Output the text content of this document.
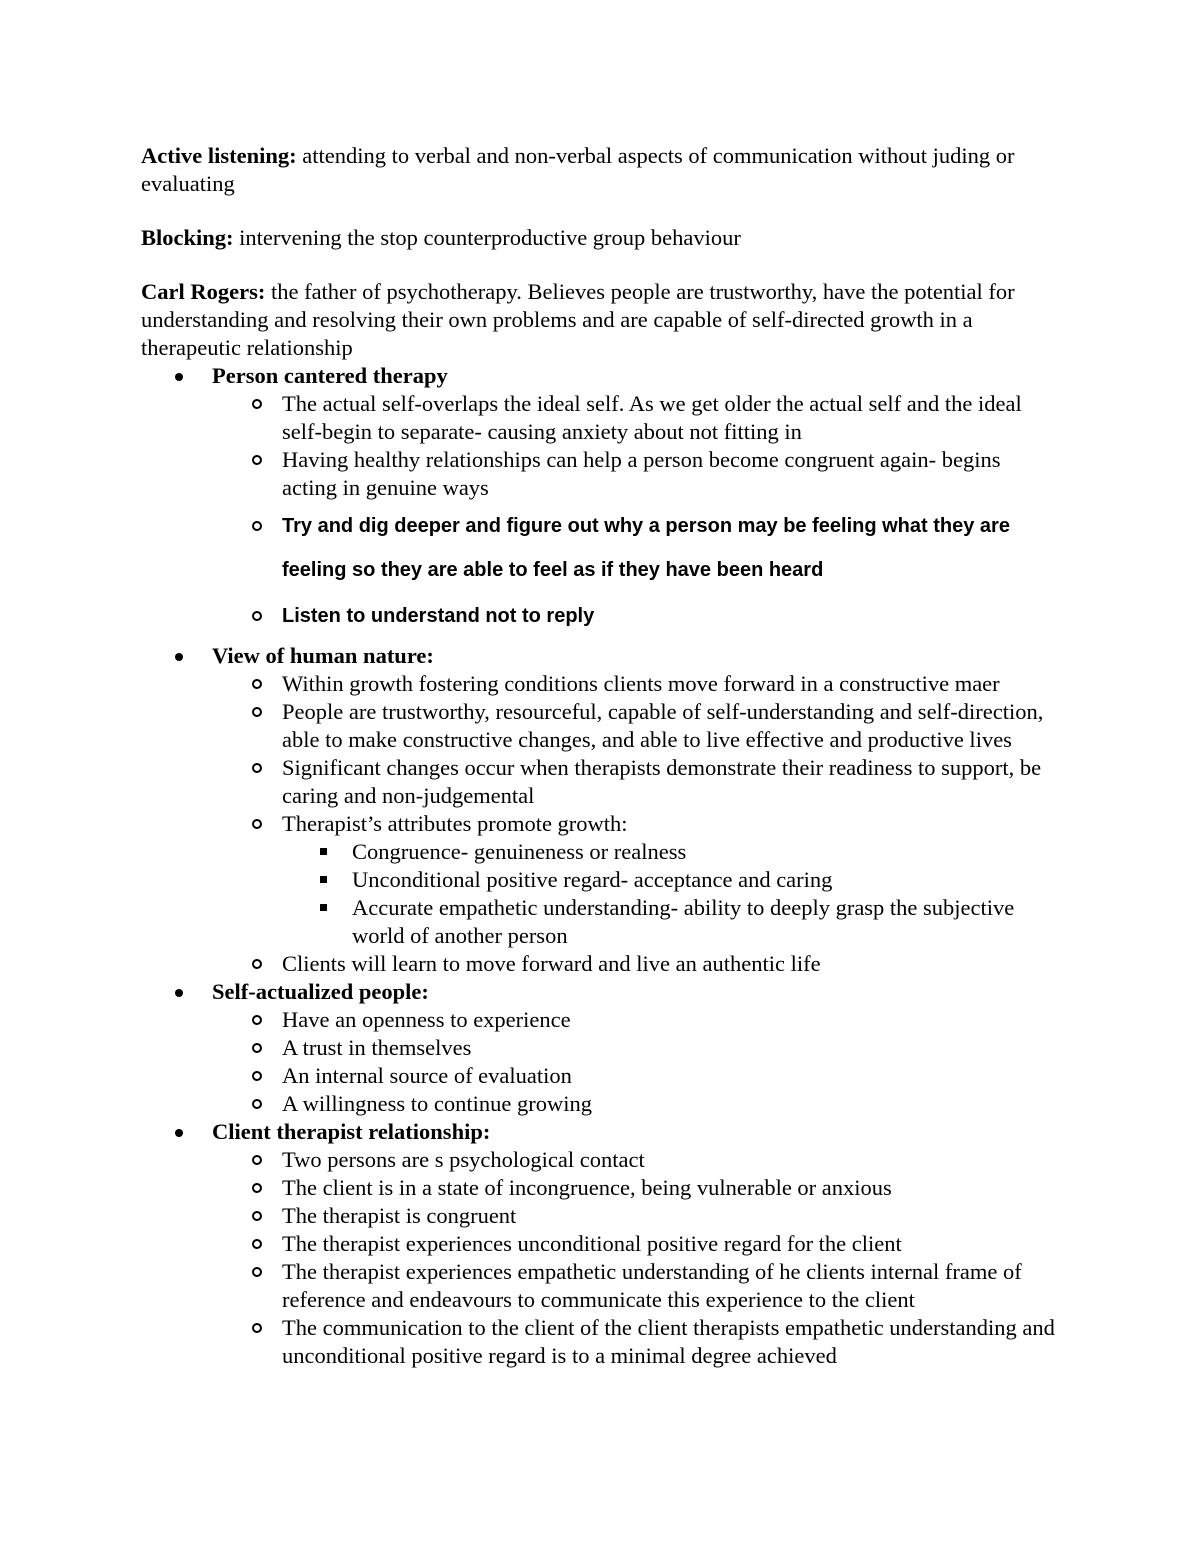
Active listening: attending to verbal and non-verbal aspects of communication without juding or evaluating

Blocking: intervening the stop counterproductive group behaviour

Carl Rogers: the father of psychotherapy. Believes people are trustworthy, have the potential for understanding and resolving their own problems and are capable of self-directed growth in a therapeutic relationship

Person cantered therapy
The actual self-overlaps the ideal self. As we get older the actual self and the ideal self-begin to separate- causing anxiety about not fitting in
Having healthy relationships can help a person become congruent again- begins acting in genuine ways
Try and dig deeper and figure out why a person may be feeling what they are feeling so they are able to feel as if they have been heard
Listen to understand not to reply
View of human nature:
Within growth fostering conditions clients move forward in a constructive maer
People are trustworthy, resourceful, capable of self-understanding and self-direction, able to make constructive changes, and able to live effective and productive lives
Significant changes occur when therapists demonstrate their readiness to support, be caring and non-judgemental
Therapist’s attributes promote growth:
Congruence- genuineness or realness
Unconditional positive regard- acceptance and caring
Accurate empathetic understanding- ability to deeply grasp the subjective world of another person
Clients will learn to move forward and live an authentic life
Self-actualized people:
Have an openness to experience
A trust in themselves
An internal source of evaluation
A willingness to continue growing
Client therapist relationship:
Two persons are s psychological contact
The client is in a state of incongruence, being vulnerable or anxious
The therapist is congruent
The therapist experiences unconditional positive regard for the client
The therapist experiences empathetic understanding of he clients internal frame of reference and endeavours to communicate this experience to the client
The communication to the client of the client therapists empathetic understanding and unconditional positive regard is to a minimal degree achieved
